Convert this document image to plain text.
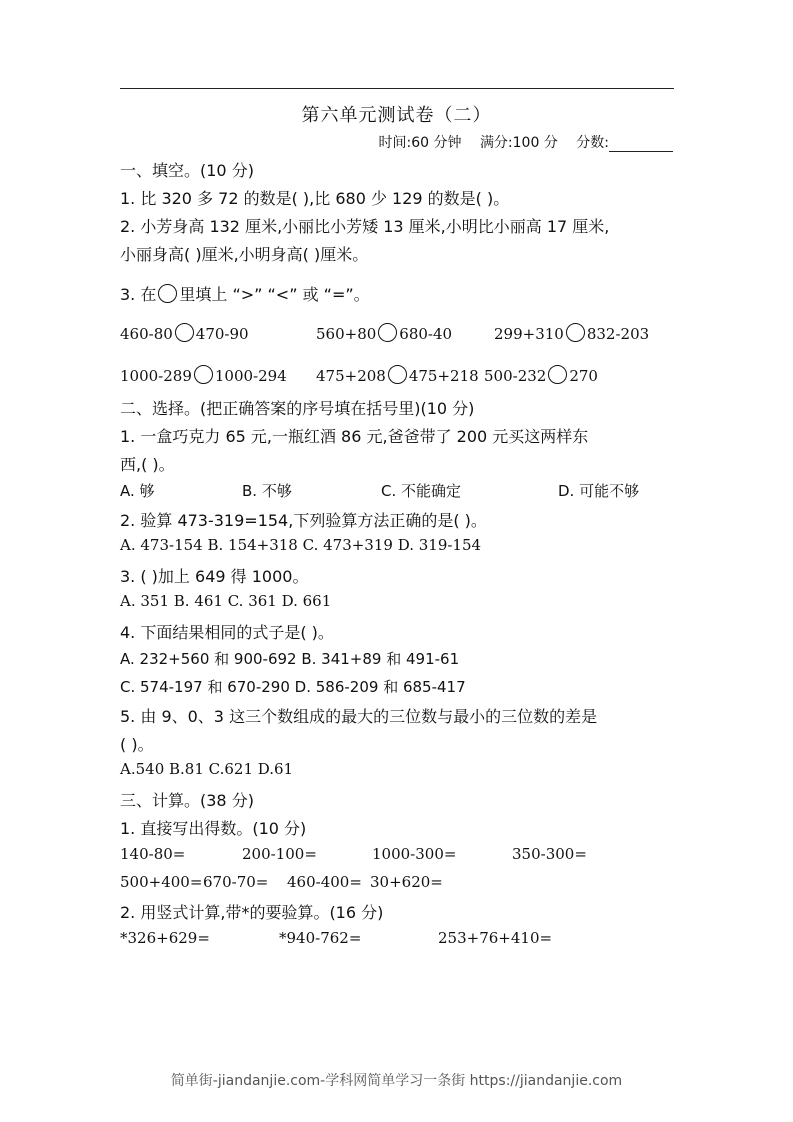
第六单元测试卷（二）
时间:60 分钟 满分:100 分 分数:
一、填空。(10 分)
1. 比 320 多 72 的数是( ),比 680 少 129 的数是( )。
2. 小芳身高 132 厘米,小丽比小芳矮 13 厘米,小明比小丽高 17 厘米,
小丽身高( )厘米,小明身高( )厘米。
3. 在 里填上 “>” “<” 或 “=”。
460-80 470-90	560+80 680-40	299+310 832-203
1000-289 1000-294 475+208 475+218 500-232 270
二、选择。(把正确答案的序号填在括号里)(10 分)
1. 一盒巧克力 65 元,一瓶红酒 86 元,爸爸带了 200 元买这两样东
西,( )。
A. 够	B. 不够	C. 不能确定	D. 可能不够
2. 验算 473-319=154,下列验算方法正确的是( )。
A. 473-154 B. 154+318 C. 473+319 D. 319-154
3. ( )加上 649 得 1000。
A. 351 B. 461 C. 361 D. 661
4. 下面结果相同的式子是( )。
A. 232+560 和 900-692 B. 341+89 和 491-61
C. 574-197 和 670-290 D. 586-209 和 685-417
5. 由 9、0、3 这三个数组成的最大的三位数与最小的三位数的差是
( )。
A.540 B.81 C.621 D.61
三、计算。(38 分)
1. 直接写出得数。(10 分)
140-80=	200-100=	1000-300=	350-300=
500+400= 670-70= 460-400= 30+620=
2. 用竖式计算,带*的要验算。(16 分)
*326+629=	*940-762=	253+76+410=
简单街-jiandanjie.com-学科网简单学习一条街 https://jiandanjie.com
